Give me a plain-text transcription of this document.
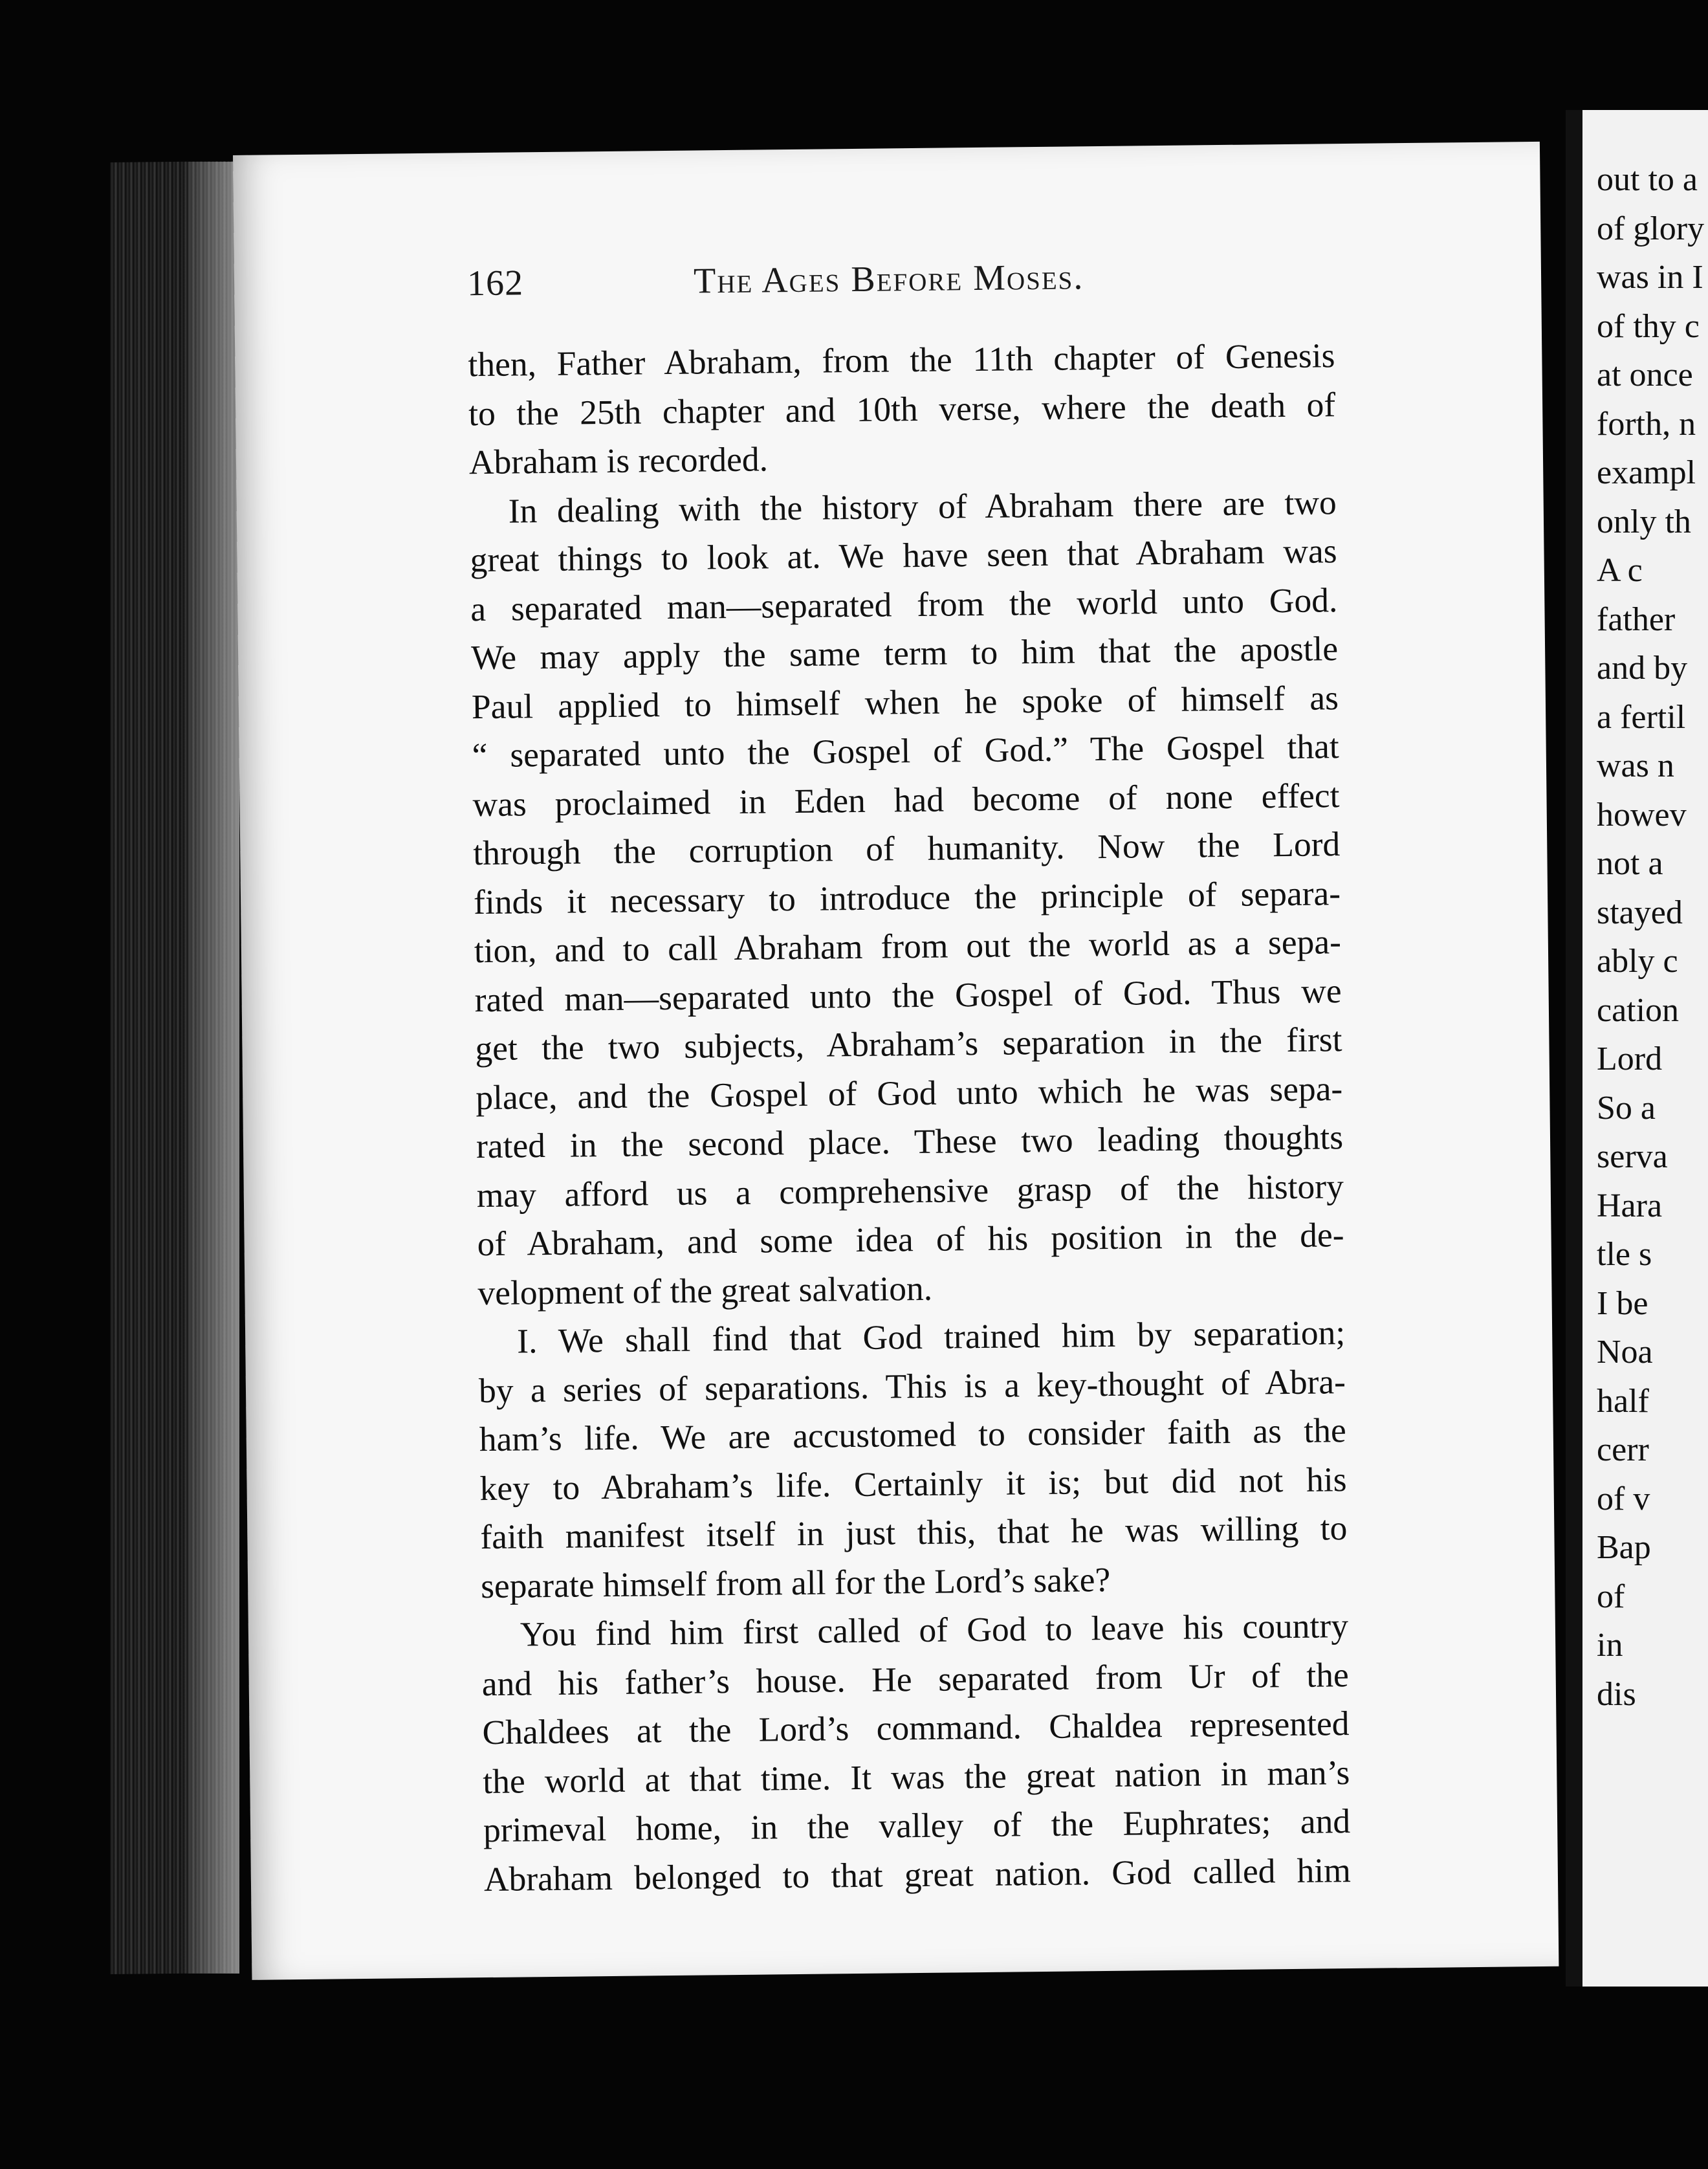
162	The Ages Before Moses.

then, Father Abraham, from the 11th chapter of Genesis
to the 25th chapter and 10th verse, where the death of
Abraham is recorded.

In dealing with the history of Abraham there are two
great things to look at. We have seen that Abraham was
a separated man—separated from the world unto God.
We may apply the same term to him that the apostle
Paul applied to himself when he spoke of himself as
“ separated unto the Gospel of God.” The Gospel that
was proclaimed in Eden had become of none effect
through the corruption of humanity. Now the Lord
finds it necessary to introduce the principle of separa-
tion, and to call Abraham from out the world as a sepa-
rated man—separated unto the Gospel of God. Thus we
get the two subjects, Abraham’s separation in the first
place, and the Gospel of God unto which he was sepa-
rated in the second place. These two leading thoughts
may afford us a comprehensive grasp of the history
of Abraham, and some idea of his position in the de-
velopment of the great salvation.

I. We shall find that God trained him by separation;
by a series of separations. This is a key-thought of Abra-
ham’s life. We are accustomed to consider faith as the
key to Abraham’s life. Certainly it is; but did not his
faith manifest itself in just this, that he was willing to
separate himself from all for the Lord’s sake?

You find him first called of God to leave his country
and his father’s house. He separated from Ur of the
Chaldees at the Lord’s command. Chaldea represented
the world at that time. It was the great nation in man’s
primeval home, in the valley of the Euphrates; and
Abraham belonged to that great nation. God called him

out to a
of glory
was in I
of thy c
at once
forth, n
exampl
only th
A c
father
and by
a fertil
was n
howev
not a
stayed
ably c
cation
Lord
So a
serva
Hara
tle s
I be
Noa
half
cerr
of v
Bap
of
in
dis
